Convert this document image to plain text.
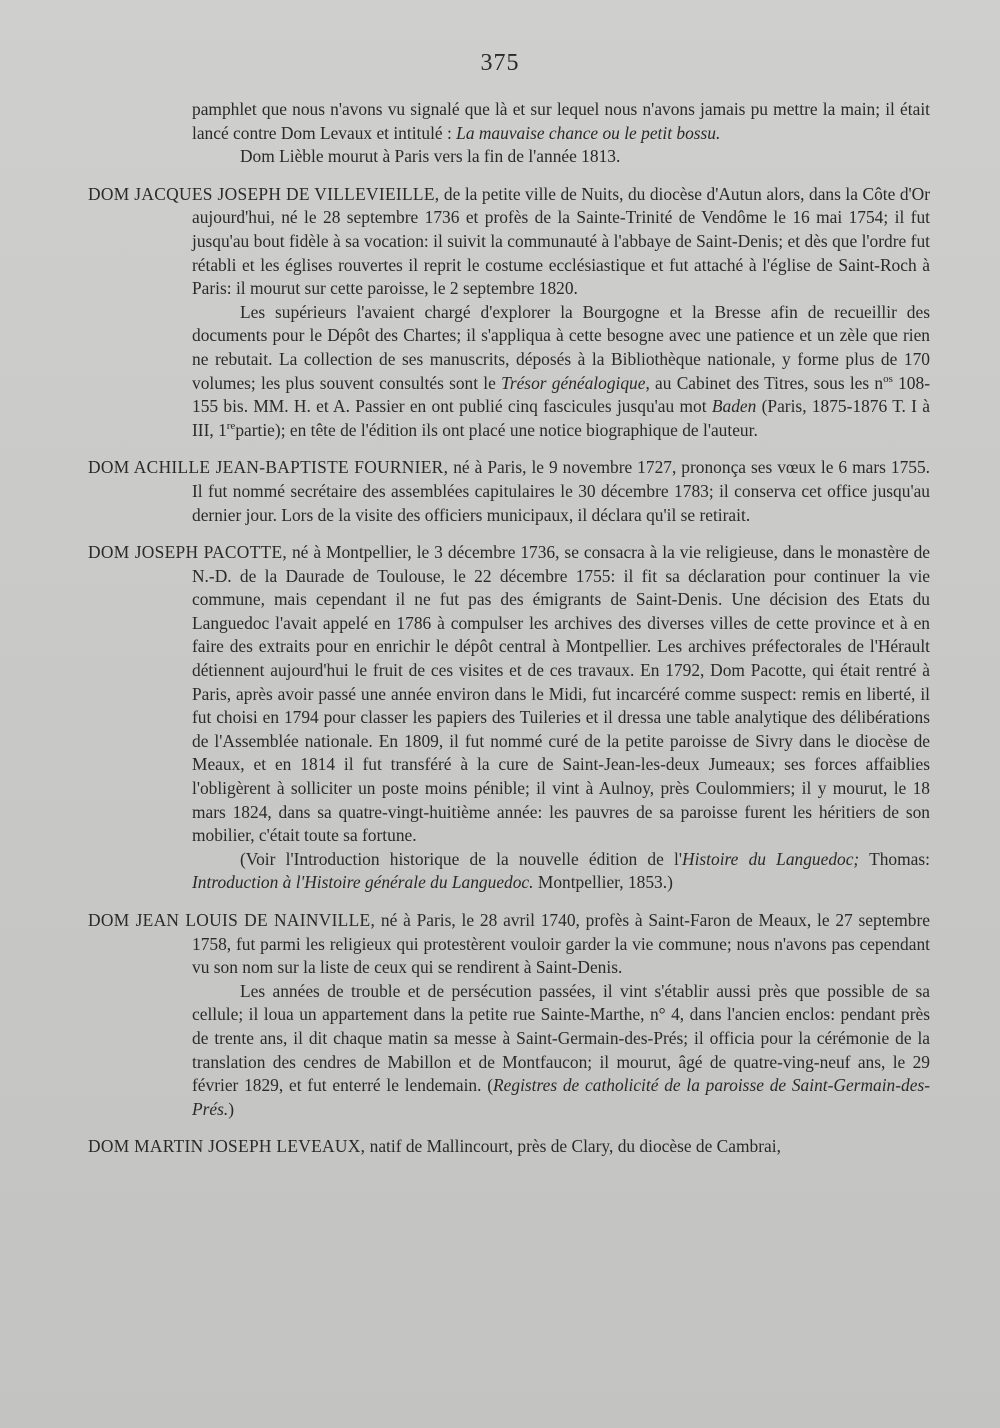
375

pamphlet que nous n'avons vu signalé que là et sur lequel nous n'avons jamais pu mettre la main; il était lancé contre Dom Levaux et intitulé : La mauvaise chance ou le petit bossu.

Dom Lièble mourut à Paris vers la fin de l'année 1813.

DOM JACQUES JOSEPH DE VILLEVIEILLE, de la petite ville de Nuits, du diocèse d'Autun alors, dans la Côte d'Or aujourd'hui, né le 28 septembre 1736 et profès de la Sainte-Trinité de Vendôme le 16 mai 1754; il fut jusqu'au bout fidèle à sa vocation: il suivit la communauté à l'abbaye de Saint-Denis; et dès que l'ordre fut rétabli et les églises rouvertes il reprit le costume ecclésiastique et fut attaché à l'église de Saint-Roch à Paris: il mourut sur cette paroisse, le 2 septembre 1820.

Les supérieurs l'avaient chargé d'explorer la Bourgogne et la Bresse afin de recueillir des documents pour le Dépôt des Chartes; il s'appliqua à cette besogne avec une patience et un zèle que rien ne rebutait. La collection de ses manuscrits, déposés à la Bibliothèque nationale, y forme plus de 170 volumes; les plus souvent consultés sont le Trésor généalogique, au Cabinet des Titres, sous les $n^{os}$ 108-155 bis. MM. H. et A. Passier en ont publié cinq fascicules jusqu'au mot Baden (Paris, 1875-1876 T. I à III, 1repartie); en tête de l'édition ils ont placé une notice biographique de l'auteur.

DOM ACHILLE JEAN-BAPTISTE FOURNIER, né à Paris, le 9 novembre 1727, prononça ses vœux le 6 mars 1755. Il fut nommé secrétaire des assemblées capitulaires le 30 décembre 1783; il conserva cet office jusqu'au dernier jour. Lors de la visite des officiers municipaux, il déclara qu'il se retirait.

DOM JOSEPH PACOTTE, né à Montpellier, le 3 décembre 1736, se consacra à la vie religieuse, dans le monastère de N.-D. de la Daurade de Toulouse, le 22 décembre 1755: il fit sa déclaration pour continuer la vie commune, mais cependant il ne fut pas des émigrants de Saint-Denis. Une décision des Etats du Languedoc l'avait appelé en 1786 à compulser les archives des diverses villes de cette province et à en faire des extraits pour en enrichir le dépôt central à Montpellier. Les archives préfectorales de l'Hérault détiennent aujourd'hui le fruit de ces visites et de ces travaux. En 1792, Dom Pacotte, qui était rentré à Paris, après avoir passé une année environ dans le Midi, fut incarcéré comme suspect: remis en liberté, il fut choisi en 1794 pour classer les papiers des Tuileries et il dressa une table analytique des délibérations de l'Assemblée nationale. En 1809, il fut nommé curé de la petite paroisse de Sivry dans le diocèse de Meaux, et en 1814 il fut transféré à la cure de Saint-Jean-les-deux Jumeaux; ses forces affaiblies l'obligèrent à solliciter un poste moins pénible; il vint à Aulnoy, près Coulommiers; il y mourut, le 18 mars 1824, dans sa quatre-vingt-huitième année: les pauvres de sa paroisse furent les héritiers de son mobilier, c'était toute sa fortune.

(Voir l'Introduction historique de la nouvelle édition de l'Histoire du Languedoc; Thomas: Introduction à l'Histoire générale du Languedoc. Montpellier, 1853.)

DOM JEAN LOUIS DE NAINVILLE, né à Paris, le 28 avril 1740, profès à Saint-Faron de Meaux, le 27 septembre 1758, fut parmi les religieux qui protestèrent vouloir garder la vie commune; nous n'avons pas cependant vu son nom sur la liste de ceux qui se rendirent à Saint-Denis.

Les années de trouble et de persécution passées, il vint s'établir aussi près que possible de sa cellule; il loua un appartement dans la petite rue Sainte-Marthe, n° 4, dans l'ancien enclos: pendant près de trente ans, il dit chaque matin sa messe à Saint-Germain-des-Prés; il officia pour la cérémonie de la translation des cendres de Mabillon et de Montfaucon; il mourut, âgé de quatre-ving-neuf ans, le 29 février 1829, et fut enterré le lendemain. (Registres de catholicité de la paroisse de Saint-Germain-des-Prés.)

DOM MARTIN JOSEPH LEVEAUX, natif de Mallincourt, près de Clary, du diocèse de Cambrai,
